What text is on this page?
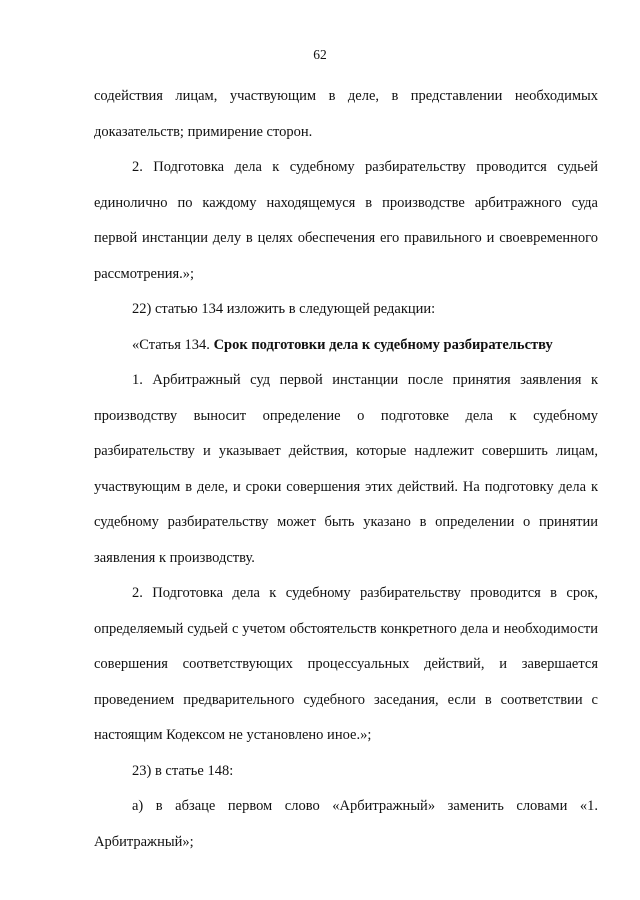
62

содействия лицам, участвующим в деле, в представлении необходимых доказательств; примирение сторон.

2. Подготовка дела к судебному разбирательству проводится судьей единолично по каждому находящемуся в производстве арбитражного суда первой инстанции делу в целях обеспечения его правильного и своевременного рассмотрения.»;

22) статью 134 изложить в следующей редакции:

«Статья 134. Срок подготовки дела к судебному разбирательству

1. Арбитражный суд первой инстанции после принятия заявления к производству выносит определение о подготовке дела к судебному разбирательству и указывает действия, которые надлежит совершить лицам, участвующим в деле, и сроки совершения этих действий. На подготовку дела к судебному разбирательству может быть указано в определении о принятии заявления к производству.

2. Подготовка дела к судебному разбирательству проводится в срок, определяемый судьей с учетом обстоятельств конкретного дела и необходимости совершения соответствующих процессуальных действий, и завершается проведением предварительного судебного заседания, если в соответствии с настоящим Кодексом не установлено иное.»;

23) в статье 148:

а) в абзаце первом слово «Арбитражный» заменить словами «1. Арбитражный»;
